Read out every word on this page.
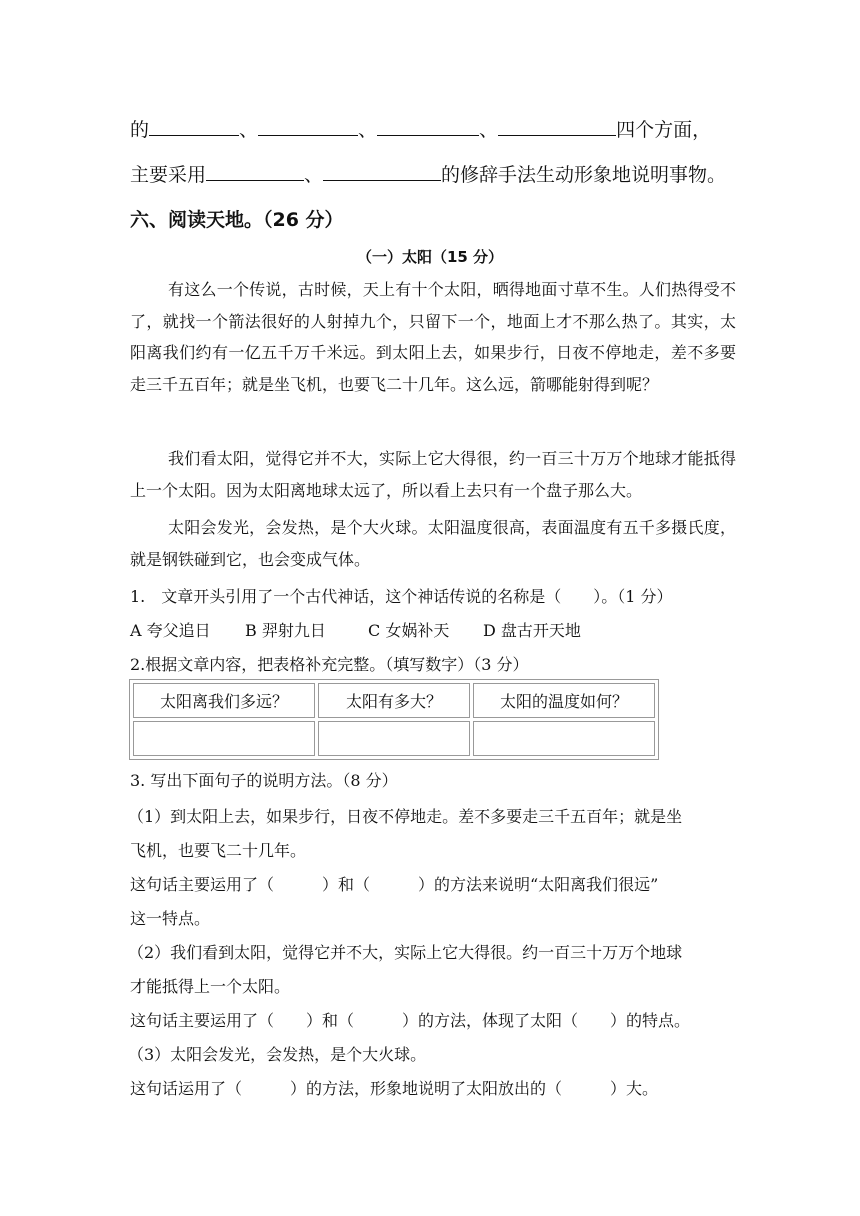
的	、	、	、	四个方面，
主要采用	、	的修辞手法生动形象地说明事物。
六、阅读天地。（26 分）
（一）太阳（15 分）
有这么一个传说，古时候，天上有十个太阳，晒得地面寸草不生。人们热得受不了，就找一个箭法很好的人射掉九个，只留下一个，地面上才不那么热了。其实，太阳离我们约有一亿五千万千米远。到太阳上去，如果步行，日夜不停地走，差不多要走三千五百年；就是坐飞机，也要飞二十几年。这么远，箭哪能射得到呢？
我们看太阳，觉得它并不大，实际上它大得很，约一百三十万万个地球才能抵得上一个太阳。因为太阳离地球太远了，所以看上去只有一个盘子那么大。
太阳会发光，会发热，是个大火球。太阳温度很高，表面温度有五千多摄氏度，就是钢铁碰到它，也会变成气体。
1.　文章开头引用了一个古代神话，这个神话传说的名称是（　　）。（1 分）
A 夸父追日 B 羿射九日	C 女娲补天 D 盘古开天地
2.根据文章内容，把表格补充完整。（填写数字）（3 分）
太阳离我们多远？	太阳有多大？	太阳的温度如何？

3. 写出下面句子的说明方法。（8 分）
（1）到太阳上去，如果步行，日夜不停地走。差不多要走三千五百年；就是坐
飞机，也要飞二十几年。
这句话主要运用了（　　　）和（　　　）的方法来说明“太阳离我们很远”
这一特点。
（2）我们看到太阳，觉得它并不大，实际上它大得很。约一百三十万万个地球
才能抵得上一个太阳。
这句话主要运用了（　　）和（　　　）的方法，体现了太阳（　　）的特点。
（3）太阳会发光，会发热，是个大火球。
这句话运用了（　　　）的方法，形象地说明了太阳放出的（　　　）大。
